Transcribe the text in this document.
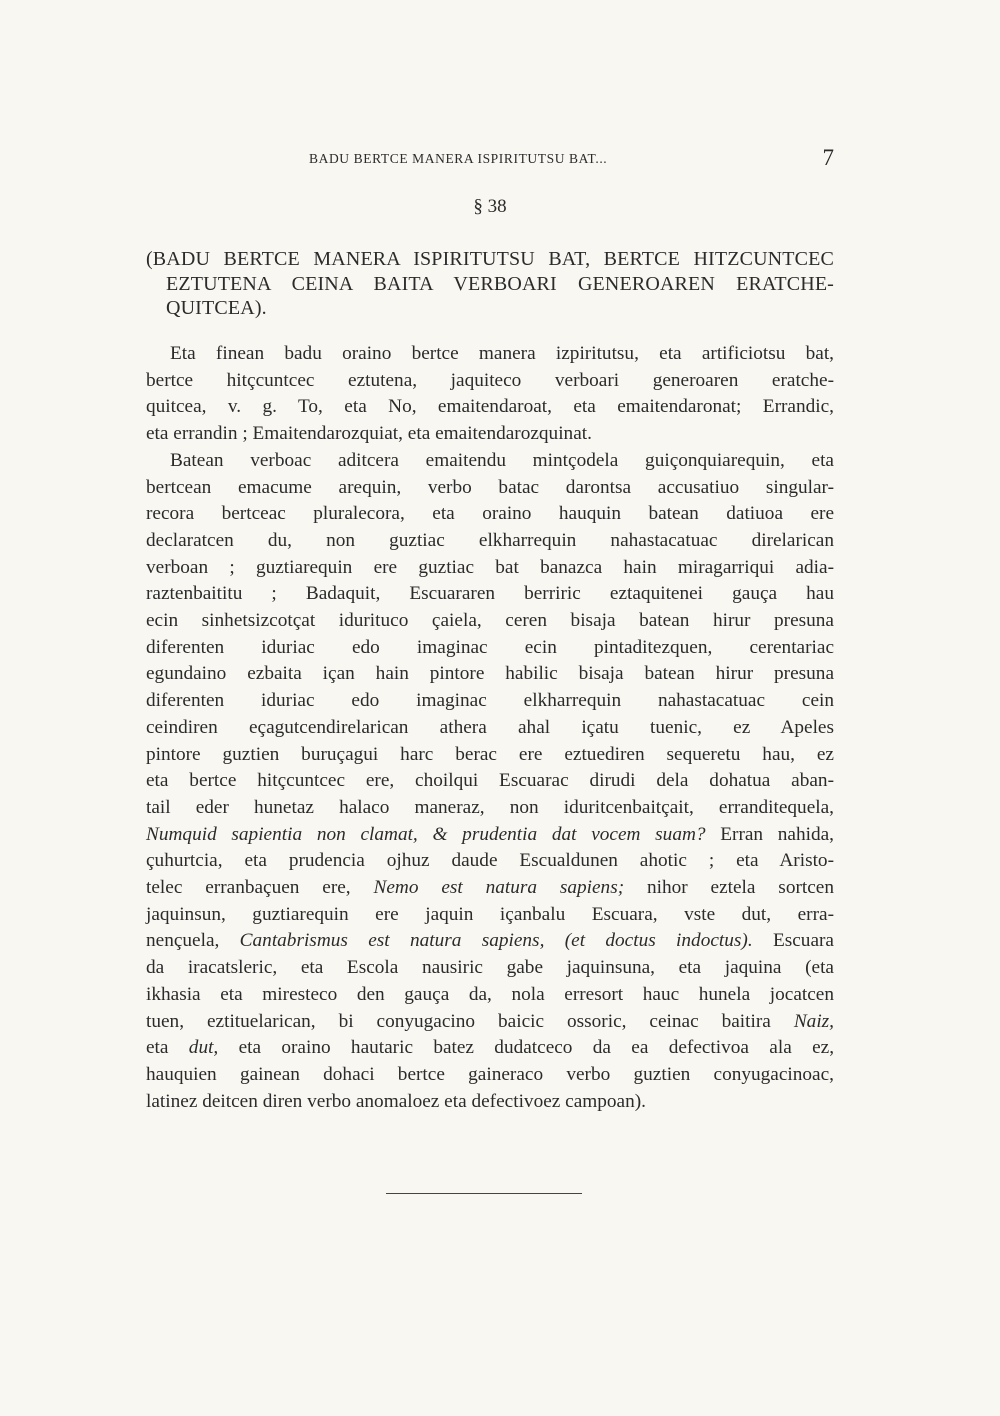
BADU BERTCE MANERA ISPIRITUTSU BAT...	7
§ 38
(BADU BERTCE MANERA ISPIRITUTSU BAT, BERTCE HITZCUNTCEC
EZTUTENA CEINA BAITA VERBOARI GENEROAREN ERATCHE-
QUITCEA).
Eta finean badu oraino bertce manera izpiritutsu, eta artificiotsu bat,
bertce hitçcuntcec eztutena, jaquiteco verboari generoaren eratche-
quitcea, v. g. To, eta No, emaitendaroat, eta emaitendaronat; Errandic,
eta errandin ; Emaitendarozquiat, eta emaitendarozquinat.
Batean verboac aditcera emaitendu mintçodela guiçonquiarequin, eta
bertcean emacume arequin, verbo batac darontsa accusatiuo singular-
recora bertceac pluralecora, eta oraino hauquin batean datiuoa ere
declaratcen du, non guztiac elkharrequin nahastacatuac direlarican
verboan ; guztiarequin ere guztiac bat banazca hain miragarriqui adia-
raztenbaititu ; Badaquit, Escuararen berriric eztaquitenei gauça hau
ecin sinhetsizcotçat idurituco çaiela, ceren bisaja batean hirur presuna
diferenten iduriac edo imaginac ecin pintaditezquen, cerentariac
egundaino ezbaita içan hain pintore habilic bisaja batean hirur presuna
diferenten iduriac edo imaginac elkharrequin nahastacatuac cein
ceindiren eçagutcendirelarican athera ahal içatu tuenic, ez Apeles
pintore guztien buruçagui harc berac ere eztuediren sequeretu hau, ez
eta bertce hitçcuntcec ere, choilqui Escuarac dirudi dela dohatua aban-
tail eder hunetaz halaco maneraz, non iduritcenbaitçait, erranditequela,
Numquid sapientia non clamat, & prudentia dat vocem suam? Erran nahida,
çuhurtcia, eta prudencia ojhuz daude Escualdunen ahotic ; eta Aristo-
telec erranbaçuen ere, Nemo est natura sapiens; nihor eztela sortcen
jaquinsun, guztiarequin ere jaquin içanbalu Escuara, vste dut, erra-
nençuela, Cantabrismus est natura sapiens, (et doctus indoctus). Escuara
da iracatsleric, eta Escola nausiric gabe jaquinsuna, eta jaquina (eta
ikhasia eta miresteco den gauça da, nola erresort hauc hunela jocatcen
tuen, eztituelarican, bi conyugacino baicic ossoric, ceinac baitira Naiz,
eta dut, eta oraino hautaric batez dudatceco da ea defectivoa ala ez,
hauquien gainean dohaci bertce gaineraco verbo guztien conyugacinoac,
latinez deitcen diren verbo anomaloez eta defectivoez campoan).
